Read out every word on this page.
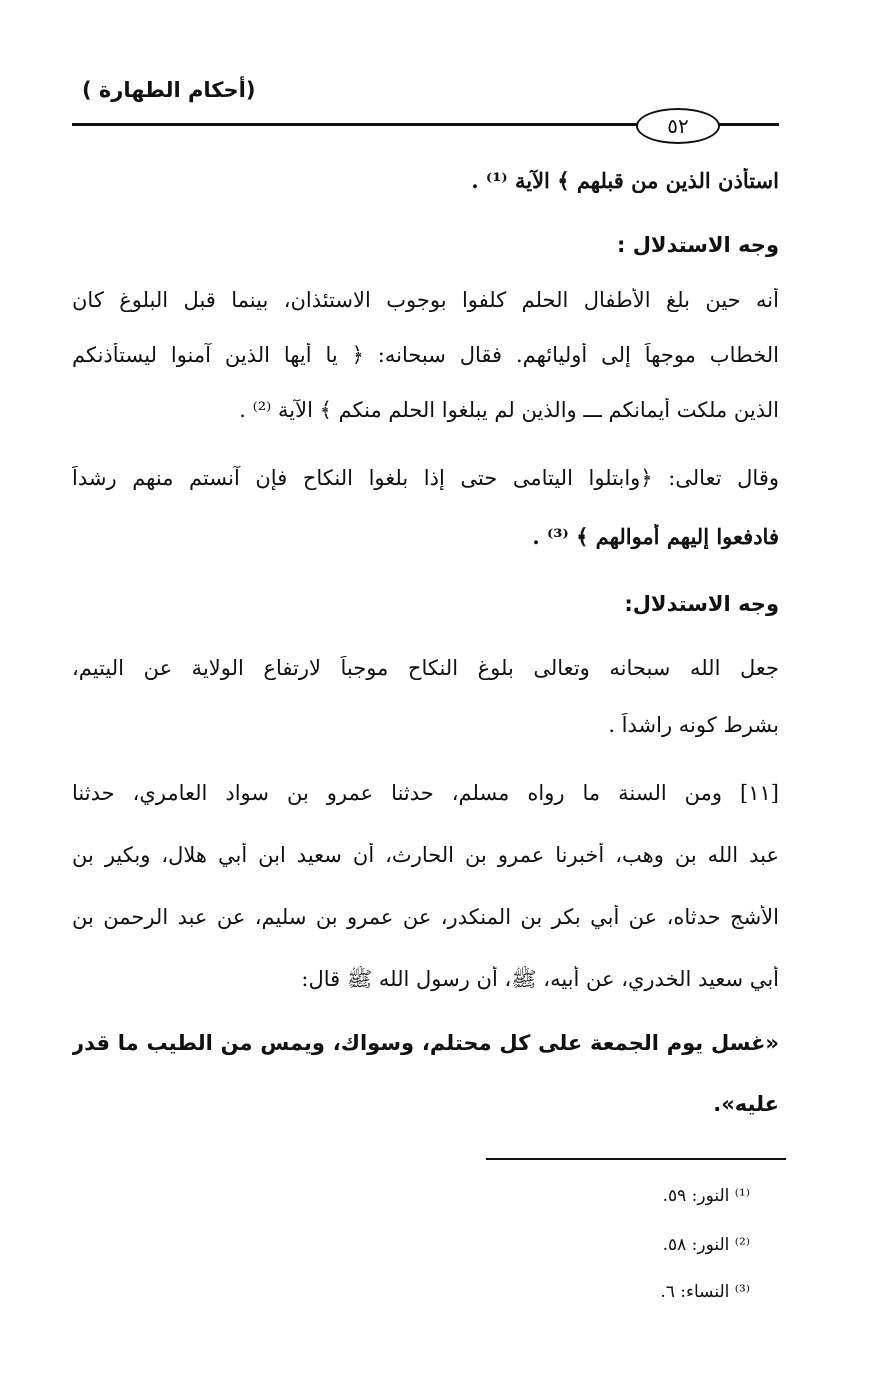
(أحكام الطهارة )
٥٢
استأذن الذين من قبلهم ﴾ الآية ⁽¹⁾ .
وجه الاستدلال :
أنه حين بلغ الأطفال الحلم كلفوا بوجوب الاستئذان، بينما قبل البلوغ كان
الخطاب موجهاً إلى أوليائهم. فقال سبحانه: ﴿ يا أيها الذين آمنوا ليستأذنكم
الذين ملكت أيمانكم ـــ والذين لم يبلغوا الحلم منكم ﴾ الآية ⁽²⁾ .
وقال تعالى: ﴿وابتلوا اليتامى حتى إذا بلغوا النكاح فإن آنستم منهم رشداً
فادفعوا إليهم أموالهم ﴾ ⁽³⁾ .
وجه الاستدلال:
جعل الله سبحانه وتعالى بلوغ النكاح موجباً لارتفاع الولاية عن اليتيم،
بشرط كونه راشداً .
[١١] ومن السنة ما رواه مسلم، حدثنا عمرو بن سواد العامري، حدثنا
عبد الله بن وهب، أخبرنا عمرو بن الحارث، أن سعيد ابن أبي هلال، وبكير بن
الأشج حدثاه، عن أبي بكر بن المنكدر، عن عمرو بن سليم، عن عبد الرحمن بن
أبي سعيد الخدري، عن أبيه، ﷺ، أن رسول الله ﷺ قال:
«غسل يوم الجمعة على كل محتلم، وسواك، ويمس من الطيب ما قدر
عليه».
⁽¹⁾ النور: ٥٩.
⁽²⁾ النور: ٥٨.
⁽³⁾ النساء: ٦.
